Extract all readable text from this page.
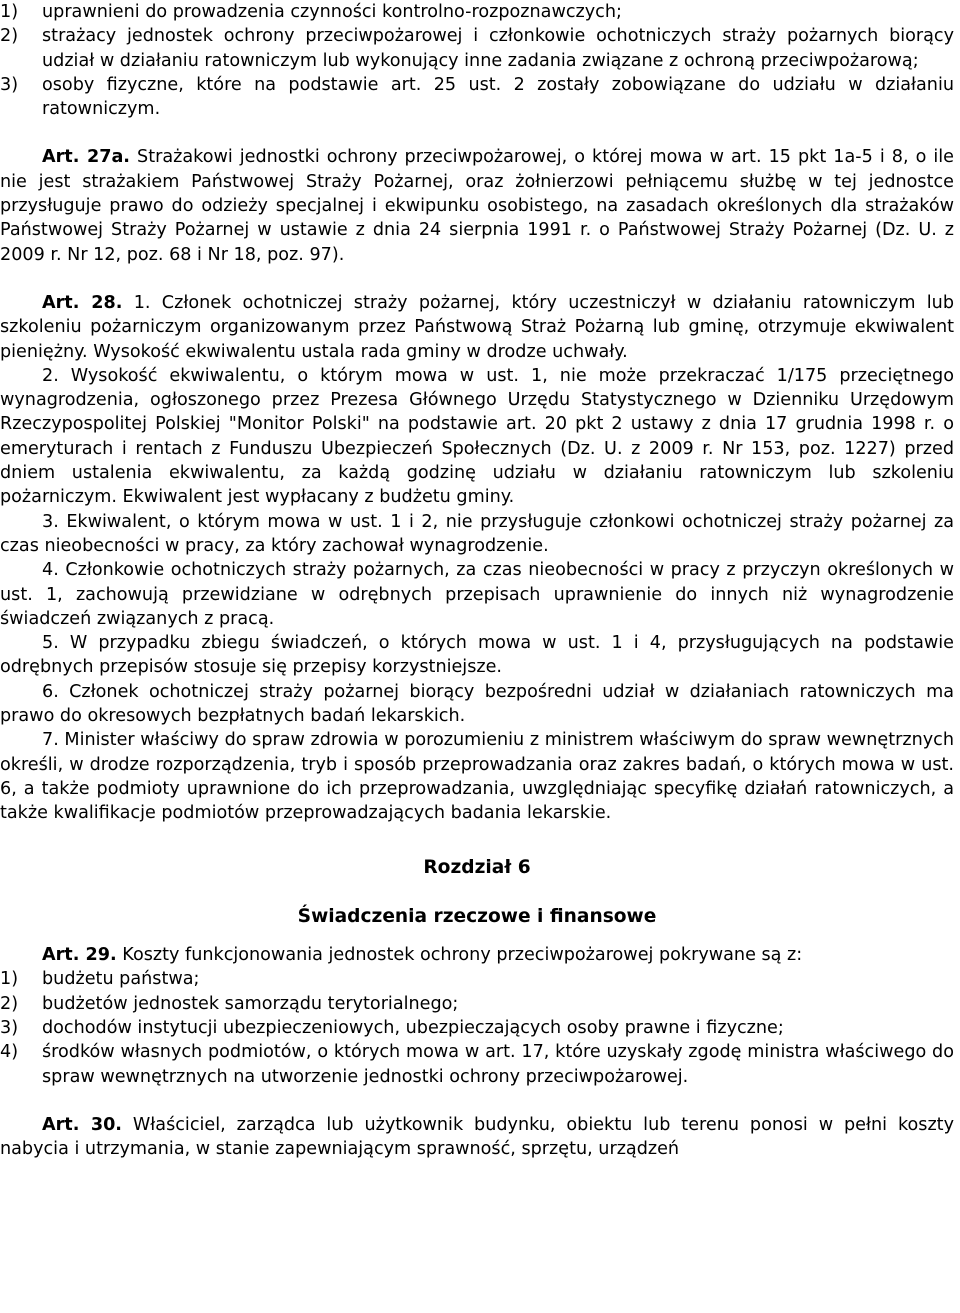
1) uprawnieni do prowadzenia czynności kontrolno-rozpoznawczych;
2) strażacy jednostek ochrony przeciwpożarowej i członkowie ochotniczych straży pożarnych biorący udział w działaniu ratowniczym lub wykonujący inne zadania związane z ochroną przeciwpożarową;
3) osoby fizyczne, które na podstawie art. 25 ust. 2 zostały zobowiązane do udziału w działaniu ratowniczym.

Art. 27a. Strażakowi jednostki ochrony przeciwpożarowej, o której mowa w art. 15 pkt 1a-5 i 8, o ile nie jest strażakiem Państwowej Straży Pożarnej, oraz żołnierzowi pełniącemu służbę w tej jednostce przysługuje prawo do odzieży specjalnej i ekwipunku osobistego, na zasadach określonych dla strażaków Państwowej Straży Pożarnej w ustawie z dnia 24 sierpnia 1991 r. o Państwowej Straży Pożarnej (Dz. U. z 2009 r. Nr 12, poz. 68 i Nr 18, poz. 97).

Art. 28. 1. Członek ochotniczej straży pożarnej, który uczestniczył w działaniu ratowniczym lub szkoleniu pożarniczym organizowanym przez Państwową Straż Pożarną lub gminę, otrzymuje ekwiwalent pieniężny. Wysokość ekwiwalentu ustala rada gminy w drodze uchwały.

2. Wysokość ekwiwalentu, o którym mowa w ust. 1, nie może przekraczać 1/175 przeciętnego wynagrodzenia, ogłoszonego przez Prezesa Głównego Urzędu Statystycznego w Dzienniku Urzędowym Rzeczypospolitej Polskiej "Monitor Polski" na podstawie art. 20 pkt 2 ustawy z dnia 17 grudnia 1998 r. o emeryturach i rentach z Funduszu Ubezpieczeń Społecznych (Dz. U. z 2009 r. Nr 153, poz. 1227) przed dniem ustalenia ekwiwalentu, za każdą godzinę udziału w działaniu ratowniczym lub szkoleniu pożarniczym. Ekwiwalent jest wypłacany z budżetu gminy.

3. Ekwiwalent, o którym mowa w ust. 1 i 2, nie przysługuje członkowi ochotniczej straży pożarnej za czas nieobecności w pracy, za który zachował wynagrodzenie.

4. Członkowie ochotniczych straży pożarnych, za czas nieobecności w pracy z przyczyn określonych w ust. 1, zachowują przewidziane w odrębnych przepisach uprawnienie do innych niż wynagrodzenie świadczeń związanych z pracą.

5. W przypadku zbiegu świadczeń, o których mowa w ust. 1 i 4, przysługujących na podstawie odrębnych przepisów stosuje się przepisy korzystniejsze.

6. Członek ochotniczej straży pożarnej biorący bezpośredni udział w działaniach ratowniczych ma prawo do okresowych bezpłatnych badań lekarskich.

7. Minister właściwy do spraw zdrowia w porozumieniu z ministrem właściwym do spraw wewnętrznych określi, w drodze rozporządzenia, tryb i sposób przeprowadzania oraz zakres badań, o których mowa w ust. 6, a także podmioty uprawnione do ich przeprowadzania, uwzględniając specyfikę działań ratowniczych, a także kwalifikacje podmiotów przeprowadzających badania lekarskie.

Rozdział 6

Świadczenia rzeczowe i finansowe

Art. 29. Koszty funkcjonowania jednostek ochrony przeciwpożarowej pokrywane są z:

1) budżetu państwa;
2) budżetów jednostek samorządu terytorialnego;
3) dochodów instytucji ubezpieczeniowych, ubezpieczających osoby prawne i fizyczne;
4) środków własnych podmiotów, o których mowa w art. 17, które uzyskały zgodę ministra właściwego do spraw wewnętrznych na utworzenie jednostki ochrony przeciwpożarowej.

Art. 30. Właściciel, zarządca lub użytkownik budynku, obiektu lub terenu ponosi w pełni koszty nabycia i utrzymania, w stanie zapewniającym sprawność, sprzętu, urządzeń
